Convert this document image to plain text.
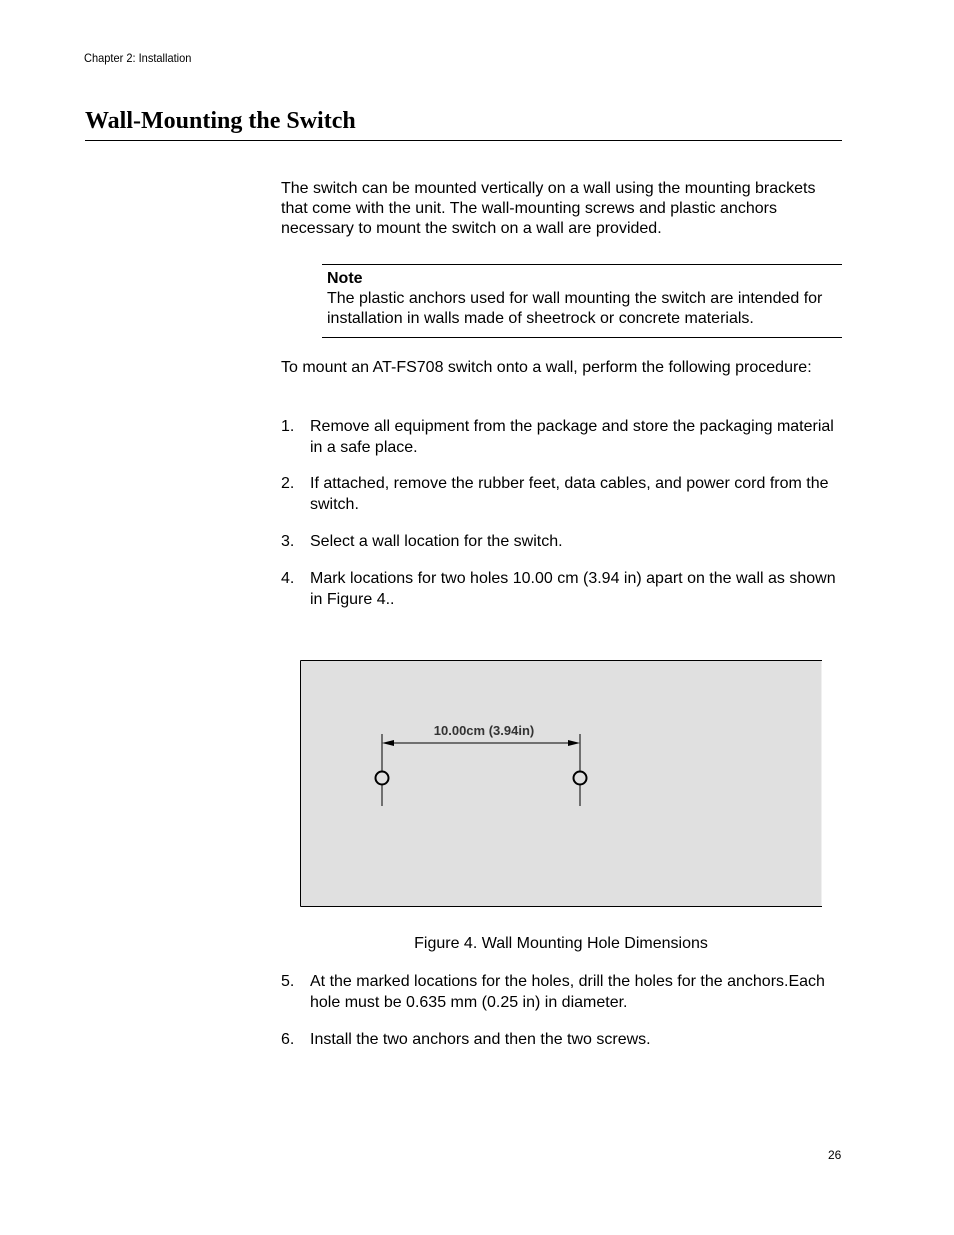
Chapter 2: Installation
Wall-Mounting the Switch

The switch can be mounted vertically on a wall using the mounting brackets that come with the unit. The wall-mounting screws and plastic anchors necessary to mount the switch on a wall are provided.

Note
The plastic anchors used for wall mounting the switch are intended for installation in walls made of sheetrock or concrete materials.

To mount an AT-FS708 switch onto a wall, perform the following procedure:

1. Remove all equipment from the package and store the packaging material in a safe place.
2. If attached, remove the rubber feet, data cables, and power cord from the switch.
3. Select a wall location for the switch.
4. Mark locations for two holes 10.00 cm (3.94 in) apart on the wall as shown in Figure 4..
10.00cm (3.94in)
Figure 4. Wall Mounting Hole Dimensions
5. At the marked locations for the holes, drill the holes for the anchors.Each hole must be 0.635 mm (0.25 in) in diameter.
6. Install the two anchors and then the two screws.
26
